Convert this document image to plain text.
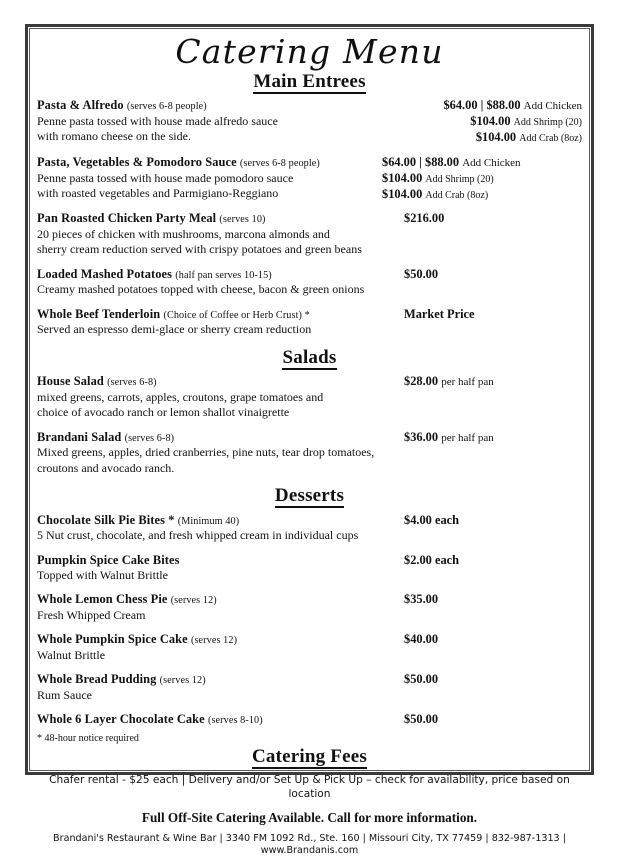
Catering Menu
Main Entrees
Pasta & Alfredo (serves 6-8 people)
Penne pasta tossed with house made alfredo sauce
with romano cheese on the side.
$64.00 | $88.00 Add Chicken
$104.00 Add Shrimp (20)
$104.00 Add Crab (8oz)
Pasta, Vegetables & Pomodoro Sauce (serves 6-8 people)
Penne pasta tossed with house made pomodoro sauce
with roasted vegetables and Parmigiano-Reggiano
$64.00 | $88.00 Add Chicken
$104.00 Add Shrimp (20)
$104.00 Add Crab (8oz)
Pan Roasted Chicken Party Meal (serves 10)
20 pieces of chicken with mushrooms, marcona almonds and
sherry cream reduction served with crispy potatoes and green beans
$216.00
Loaded Mashed Potatoes (half pan serves 10-15)
Creamy mashed potatoes topped with cheese, bacon & green onions
$50.00
Whole Beef Tenderloin (Choice of Coffee or Herb Crust) *
Served an espresso demi-glace or sherry cream reduction
Market Price
Salads
House Salad (serves 6-8)
mixed greens, carrots, apples, croutons, grape tomatoes and
choice of avocado ranch or lemon shallot vinaigrette
$28.00 per half pan
Brandani Salad (serves 6-8)
Mixed greens, apples, dried cranberries, pine nuts, tear drop tomatoes,
croutons and avocado ranch.
$36.00 per half pan
Desserts
Chocolate Silk Pie Bites * (Minimum 40)
5 Nut crust, chocolate, and fresh whipped cream in individual cups
$4.00 each
Pumpkin Spice Cake Bites
Topped with Walnut Brittle
$2.00 each
Whole Lemon Chess Pie (serves 12)
Fresh Whipped Cream
$35.00
Whole Pumpkin Spice Cake (serves 12)
Walnut Brittle
$40.00
Whole Bread Pudding (serves 12)
Rum Sauce
$50.00
Whole 6 Layer Chocolate Cake (serves 8-10)	$50.00
* 48-hour notice required
Catering Fees
Chafer rental - $25 each | Delivery and/or Set Up & Pick Up – check for availability, price based on location
Full Off-Site Catering Available. Call for more information.
Brandani's Restaurant & Wine Bar | 3340 FM 1092 Rd., Ste. 160 | Missouri City, TX 77459 | 832-987-1313 | www.Brandanis.com
